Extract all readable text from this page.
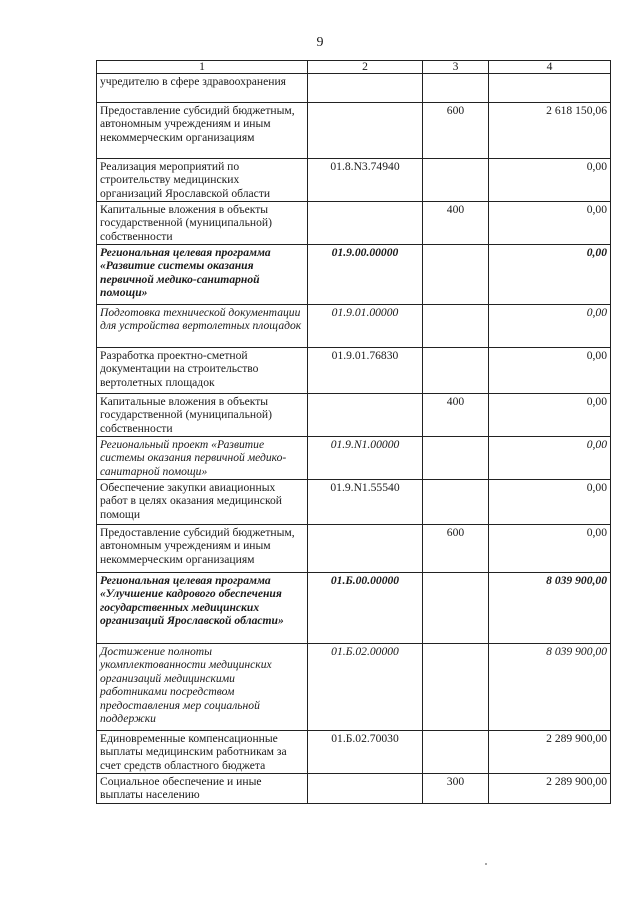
9
1	2	3	4
учредителю в сфере здравоохранения			
Предоставление субсидий бюджетным, автономным учреждениям и иным некоммерческим организациям		600	2 618 150,06
Реализация мероприятий по строительству медицинских организаций Ярославской области	01.8.N3.74940		0,00
Капитальные вложения в объекты государственной (муниципальной) собственности		400	0,00
Региональная целевая программа «Развитие системы оказания первичной медико-санитарной помощи»	01.9.00.00000		0,00
Подготовка технической документации для устройства вертолетных площадок	01.9.01.00000		0,00
Разработка проектно-сметной документации на строительство вертолетных площадок	01.9.01.76830		0,00
Капитальные вложения в объекты государственной (муниципальной) собственности		400	0,00
Региональный проект «Развитие системы оказания первичной медико-санитарной помощи»	01.9.N1.00000		0,00
Обеспечение закупки авиационных работ в целях оказания медицинской помощи	01.9.N1.55540		0,00
Предоставление субсидий бюджетным, автономным учреждениям и иным некоммерческим организациям		600	0,00
Региональная целевая программа «Улучшение кадрового обеспечения государственных медицинских организаций Ярославской области»	01.Б.00.00000		8 039 900,00
Достижение полноты укомплектованности медицинских организаций медицинскими работниками посредством предоставления мер социальной поддержки	01.Б.02.00000		8 039 900,00
Единовременные компенсационные выплаты медицинским работникам за счет средств областного бюджета	01.Б.02.70030		2 289 900,00
Социальное обеспечение и иные выплаты населению		300	2 289 900,00
